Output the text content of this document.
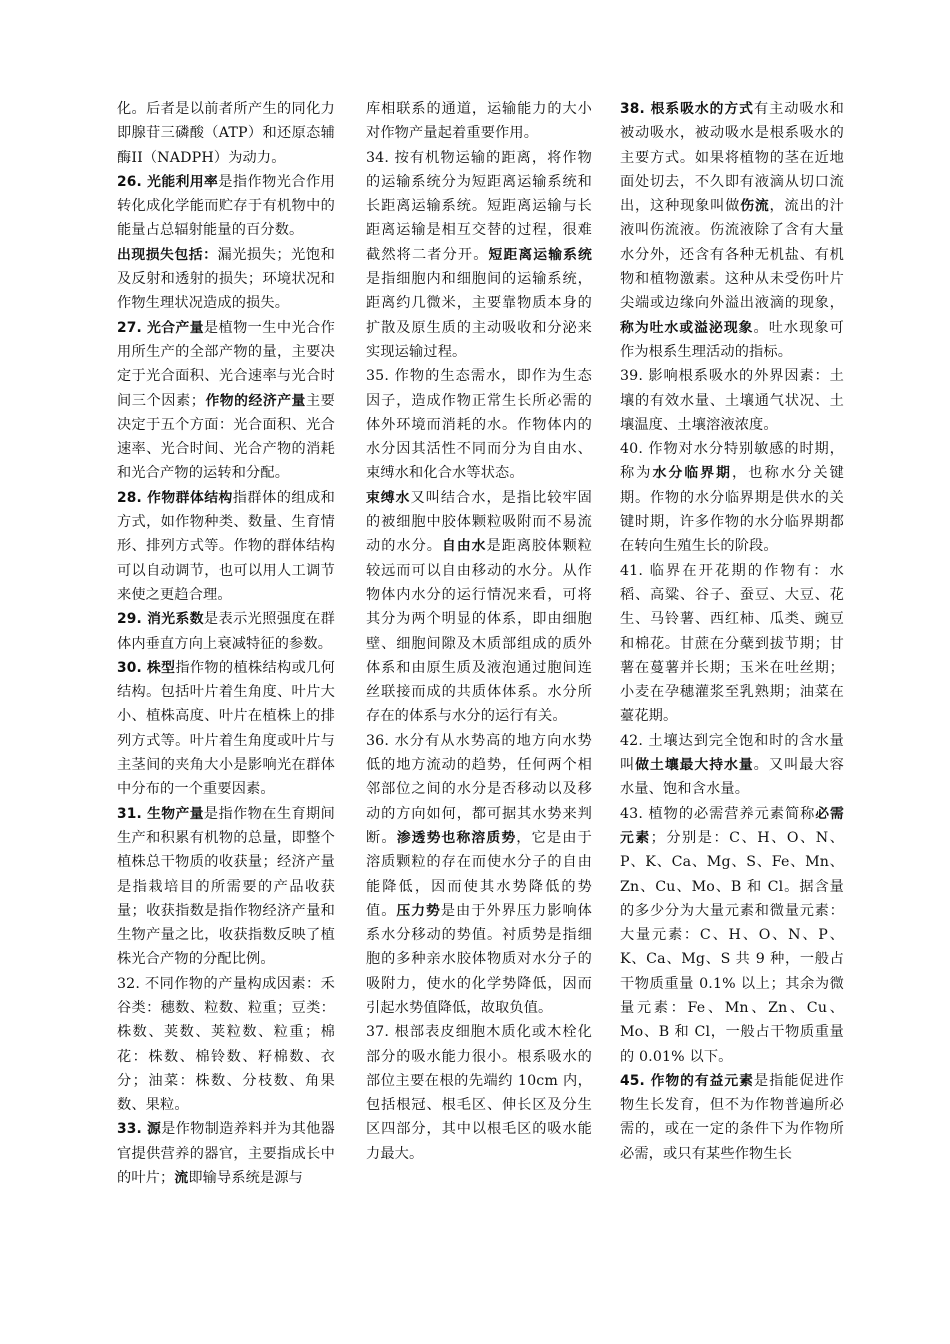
化。后者是以前者所产生的同化力即腺苷三磷酸（ATP）和还原态辅酶II（NADPH）为动力。

26. 光能利用率是指作物光合作用转化成化学能而贮存于有机物中的能量占总辐射能量的百分数。

出现损失包括：漏光损失；光饱和及反射和透射的损失；环境状况和作物生理状况造成的损失。

27. 光合产量是植物一生中光合作用所生产的全部产物的量，主要决定于光合面积、光合速率与光合时间三个因素；作物的经济产量主要决定于五个方面：光合面积、光合速率、光合时间、光合产物的消耗和光合产物的运转和分配。

28. 作物群体结构指群体的组成和方式，如作物种类、数量、生育情形、排列方式等。作物的群体结构可以自动调节，也可以用人工调节来使之更趋合理。

29. 消光系数是表示光照强度在群体内垂直方向上衰减特征的参数。

30. 株型指作物的植株结构或几何结构。包括叶片着生角度、叶片大小、植株高度、叶片在植株上的排列方式等。叶片着生角度或叶片与主茎间的夹角大小是影响光在群体中分布的一个重要因素。

31. 生物产量是指作物在生育期间生产和积累有机物的总量，即整个植株总干物质的收获量；经济产量是指栽培目的所需要的产品收获量；收获指数是指作物经济产量和生物产量之比，收获指数反映了植株光合产物的分配比例。

32. 不同作物的产量构成因素：禾谷类：穗数、粒数、粒重；豆类：株数、荚数、荚粒数、粒重；棉花：株数、棉铃数、籽棉数、衣分；油菜：株数、分枝数、角果数、果粒。

33. 源是作物制造养料并为其他器官提供营养的器官，主要指成长中的叶片；流即输导系统是源与

库相联系的通道，运输能力的大小对作物产量起着重要作用。

34. 按有机物运输的距离，将作物的运输系统分为短距离运输系统和长距离运输系统。短距离运输与长距离运输是相互交替的过程，很难截然将二者分开。短距离运输系统是指细胞内和细胞间的运输系统，距离约几微米，主要靠物质本身的扩散及原生质的主动吸收和分泌来实现运输过程。

35. 作物的生态需水，即作为生态因子，造成作物正常生长所必需的体外环境而消耗的水。作物体内的水分因其活性不同而分为自由水、束缚水和化合水等状态。

束缚水又叫结合水，是指比较牢固的被细胞中胶体颗粒吸附而不易流动的水分。自由水是距离胶体颗粒较远而可以自由移动的水分。从作物体内水分的运行情况来看，可将其分为两个明显的体系，即由细胞壁、细胞间隙及木质部组成的质外体系和由原生质及液泡通过胞间连丝联接而成的共质体体系。水分所存在的体系与水分的运行有关。

36. 水分有从水势高的地方向水势低的地方流动的趋势，任何两个相邻部位之间的水分是否移动以及移动的方向如何，都可据其水势来判断。渗透势也称溶质势，它是由于溶质颗粒的存在而使水分子的自由能降低，因而使其水势降低的势值。压力势是由于外界压力影响体系水分移动的势值。衬质势是指细胞的多种亲水胶体物质对水分子的吸附力，使水的化学势降低，因而引起水势值降低，故取负值。

37. 根部表皮细胞木质化或木栓化部分的吸水能力很小。根系吸水的部位主要在根的先端约 10cm 内，包括根冠、根毛区、伸长区及分生区四部分，其中以根毛区的吸水能力最大。

38. 根系吸水的方式有主动吸水和被动吸水，被动吸水是根系吸水的主要方式。如果将植物的茎在近地面处切去，不久即有液滴从切口流出，这种现象叫做伤流，流出的汁液叫伤流液。伤流液除了含有大量水分外，还含有各种无机盐、有机物和植物激素。这种从未受伤叶片尖端或边缘向外溢出液滴的现象，称为吐水或溢泌现象。吐水现象可作为根系生理活动的指标。

39. 影响根系吸水的外界因素：土壤的有效水量、土壤通气状况、土壤温度、土壤溶液浓度。

40. 作物对水分特别敏感的时期，称为水分临界期，也称水分关键期。作物的水分临界期是供水的关键时期，许多作物的水分临界期都在转向生殖生长的阶段。

41. 临界在开花期的作物有：水稻、高粱、谷子、蚕豆、大豆、花生、马铃薯、西红柿、瓜类、豌豆和棉花。甘蔗在分蘖到拔节期；甘薯在蔓薯并长期；玉米在吐丝期；小麦在孕穗灌浆至乳熟期；油菜在薹花期。

42. 土壤达到完全饱和时的含水量叫做土壤最大持水量。又叫最大容水量、饱和含水量。

43. 植物的必需营养元素简称必需元素；分别是：C、H、O、N、P、K、Ca、Mg、S、Fe、Mn、Zn、Cu、Mo、B 和 Cl。据含量的多少分为大量元素和微量元素：大量元素：C、H、O、N、P、K、Ca、Mg、S 共 9 种，一般占干物质重量 0.1% 以上；其余为微量元素：Fe、Mn、Zn、Cu、Mo、B 和 Cl，一般占干物质重量的 0.01% 以下。

45. 作物的有益元素是指能促进作物生长发育，但不为作物普遍所必需的，或在一定的条件下为作物所必需，或只有某些作物生长
